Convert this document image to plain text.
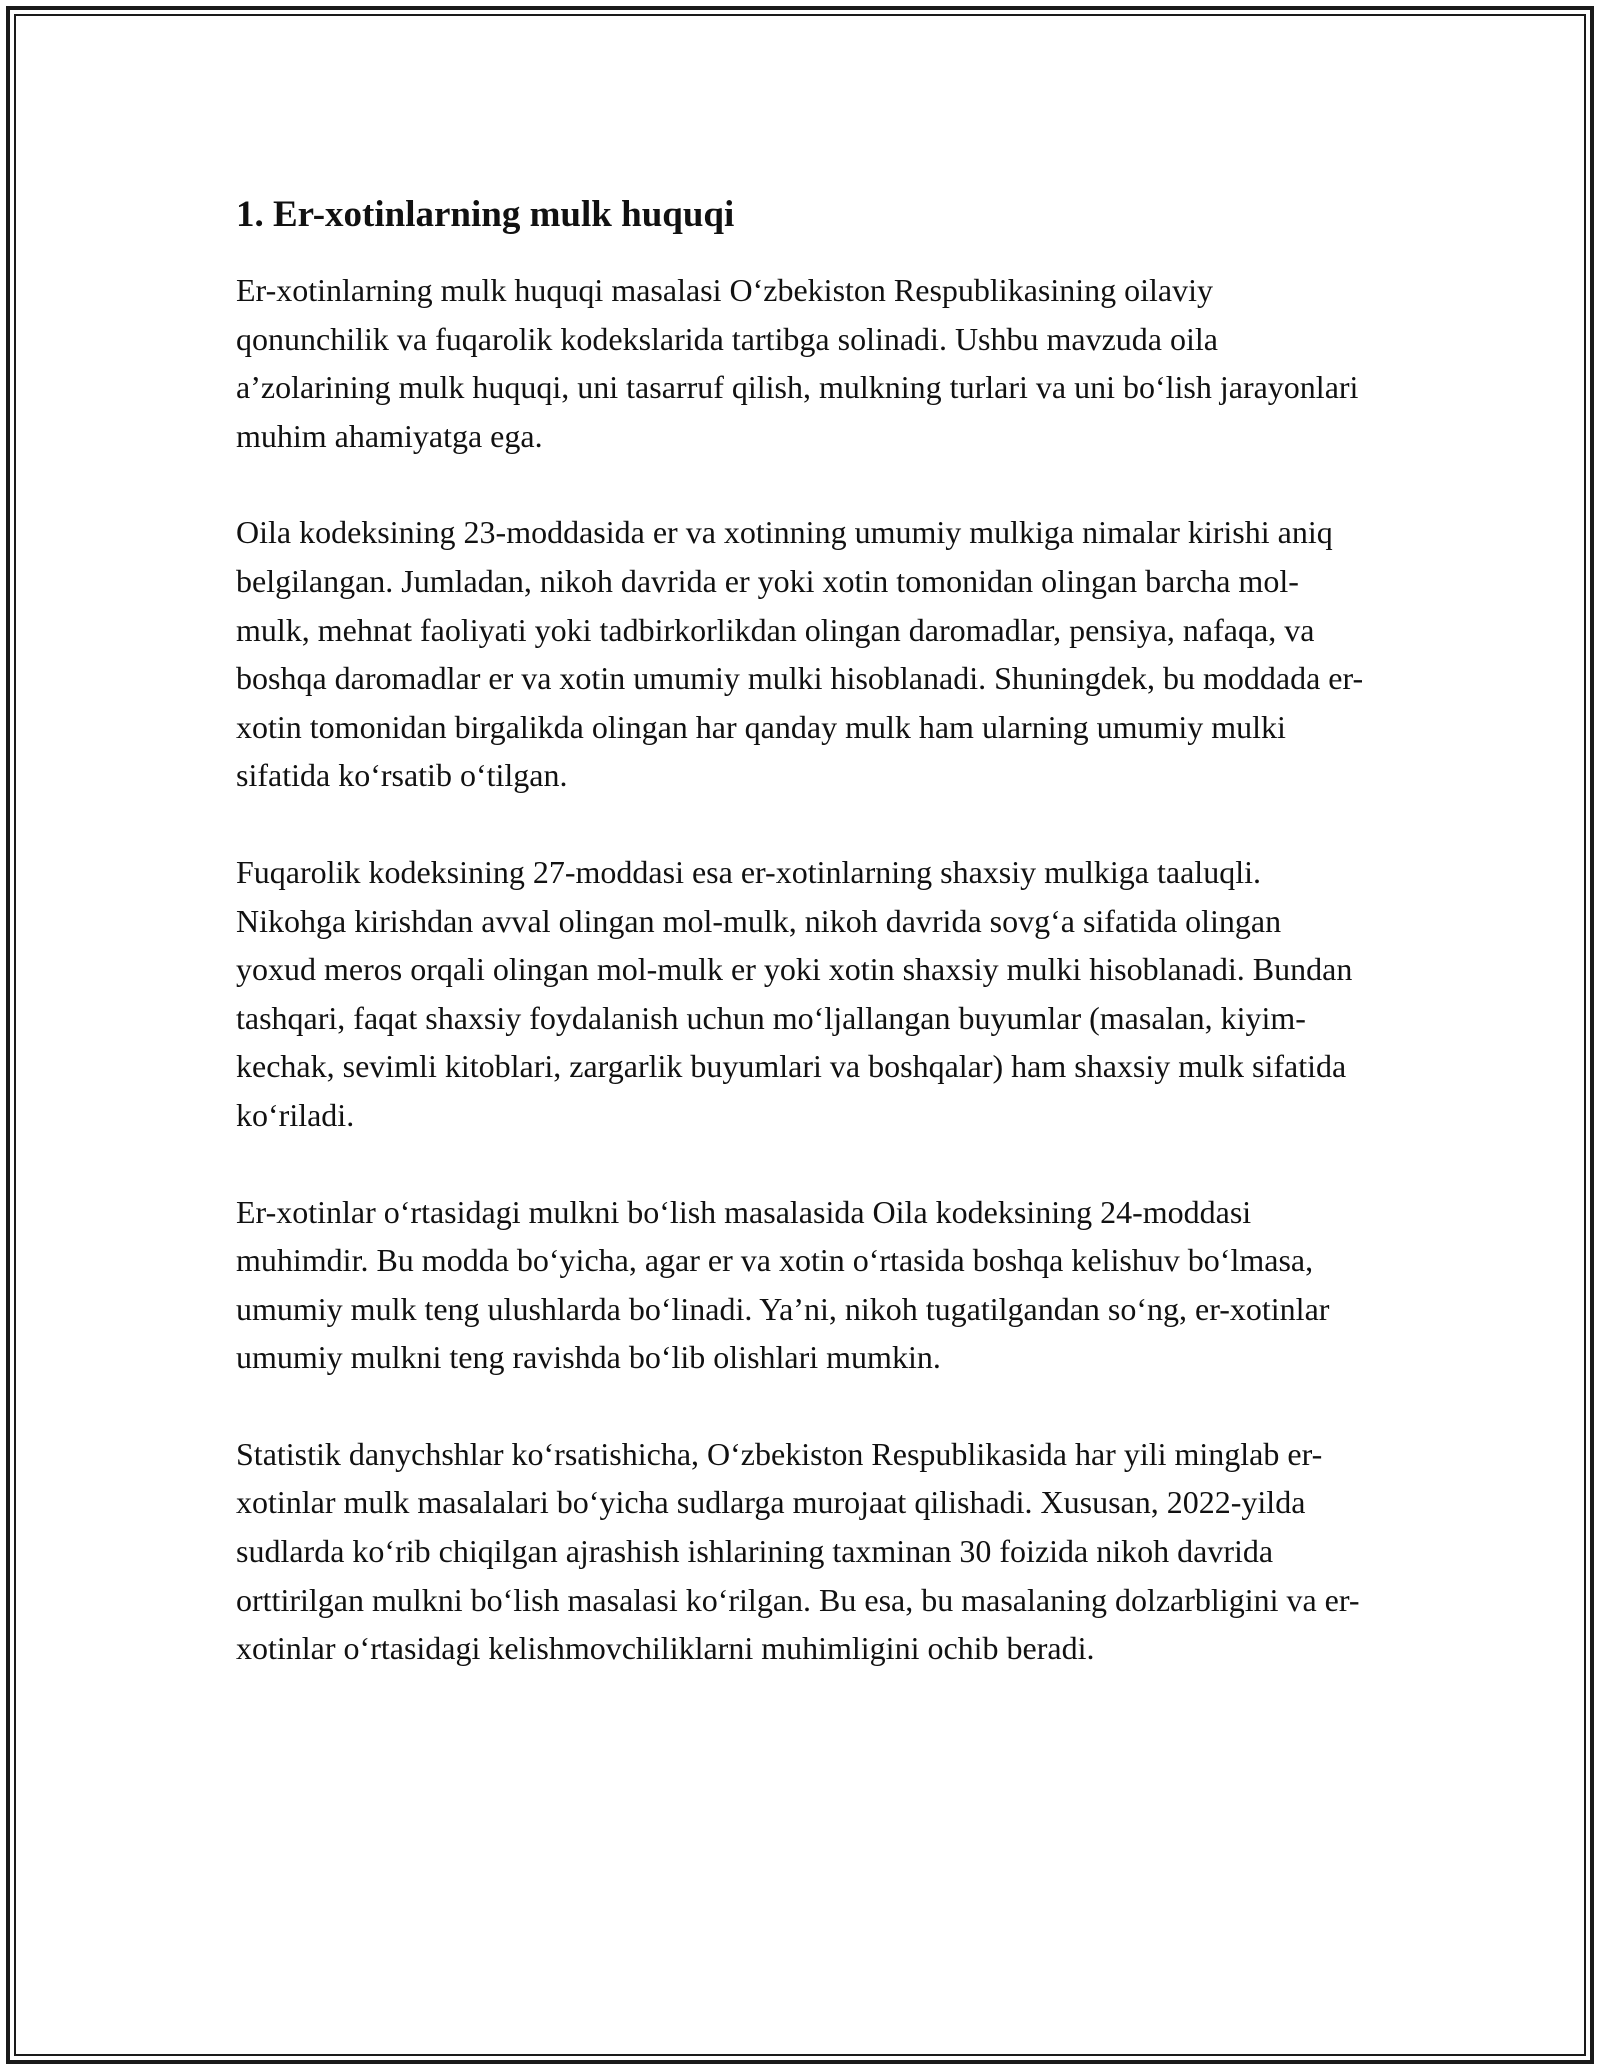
1. Er-xotinlarning mulk huquqi

Er-xotinlarning mulk huquqi masalasi O‘zbekiston Respublikasining oilaviy qonunchilik va fuqarolik kodekslarida tartibga solinadi. Ushbu mavzuda oila a’zolarining mulk huquqi, uni tasarruf qilish, mulkning turlari va uni bo‘lish jarayonlari muhim ahamiyatga ega.

Oila kodeksining 23-moddasida er va xotinning umumiy mulkiga nimalar kirishi aniq belgilangan. Jumladan, nikoh davrida er yoki xotin tomonidan olingan barcha mol-mulk, mehnat faoliyati yoki tadbirkorlikdan olingan daromadlar, pensiya, nafaqa, va boshqa daromadlar er va xotin umumiy mulki hisoblanadi. Shuningdek, bu moddada er-xotin tomonidan birgalikda olingan har qanday mulk ham ularning umumiy mulki sifatida ko‘rsatib o‘tilgan.

Fuqarolik kodeksining 27-moddasi esa er-xotinlarning shaxsiy mulkiga taaluqli. Nikohga kirishdan avval olingan mol-mulk, nikoh davrida sovg‘a sifatida olingan yoxud meros orqali olingan mol-mulk er yoki xotin shaxsiy mulki hisoblanadi. Bundan tashqari, faqat shaxsiy foydalanish uchun mo‘ljallangan buyumlar (masalan, kiyim-kechak, sevimli kitoblari, zargarlik buyumlari va boshqalar) ham shaxsiy mulk sifatida ko‘riladi.

Er-xotinlar o‘rtasidagi mulkni bo‘lish masalasida Oila kodeksining 24-moddasi muhimdir. Bu modda bo‘yicha, agar er va xotin o‘rtasida boshqa kelishuv bo‘lmasa, umumiy mulk teng ulushlarda bo‘linadi. Ya’ni, nikoh tugatilgandan so‘ng, er-xotinlar umumiy mulkni teng ravishda bo‘lib olishlari mumkin.

Statistik danychshlar ko‘rsatishicha, O‘zbekiston Respublikasida har yili minglab er-xotinlar mulk masalalari bo‘yicha sudlarga murojaat qilishadi. Xususan, 2022-yilda sudlarda ko‘rib chiqilgan ajrashish ishlarining taxminan 30 foizida nikoh davrida orttirilgan mulkni bo‘lish masalasi ko‘rilgan. Bu esa, bu masalaning dolzarbligini va er-xotinlar o‘rtasidagi kelishmovchiliklarni muhimligini ochib beradi.
